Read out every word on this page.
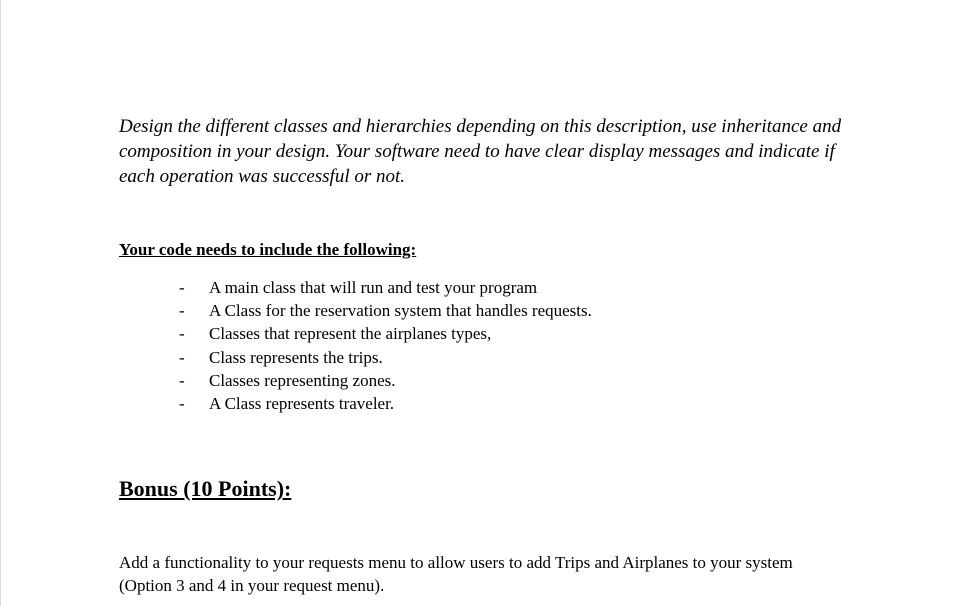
Design the different classes and hierarchies depending on this description, use inheritance and
composition in your design. Your software need to have clear display messages and indicate if
each operation was successful or not.
Your code needs to include the following:
- A main class that will run and test your program
- A Class for the reservation system that handles requests.
- Classes that represent the airplanes types,
- Class represents the trips.
- Classes representing zones.
- A Class represents traveler.
Bonus (10 Points):
Add a functionality to your requests menu to allow users to add Trips and Airplanes to your system
(Option 3 and 4 in your request menu).
